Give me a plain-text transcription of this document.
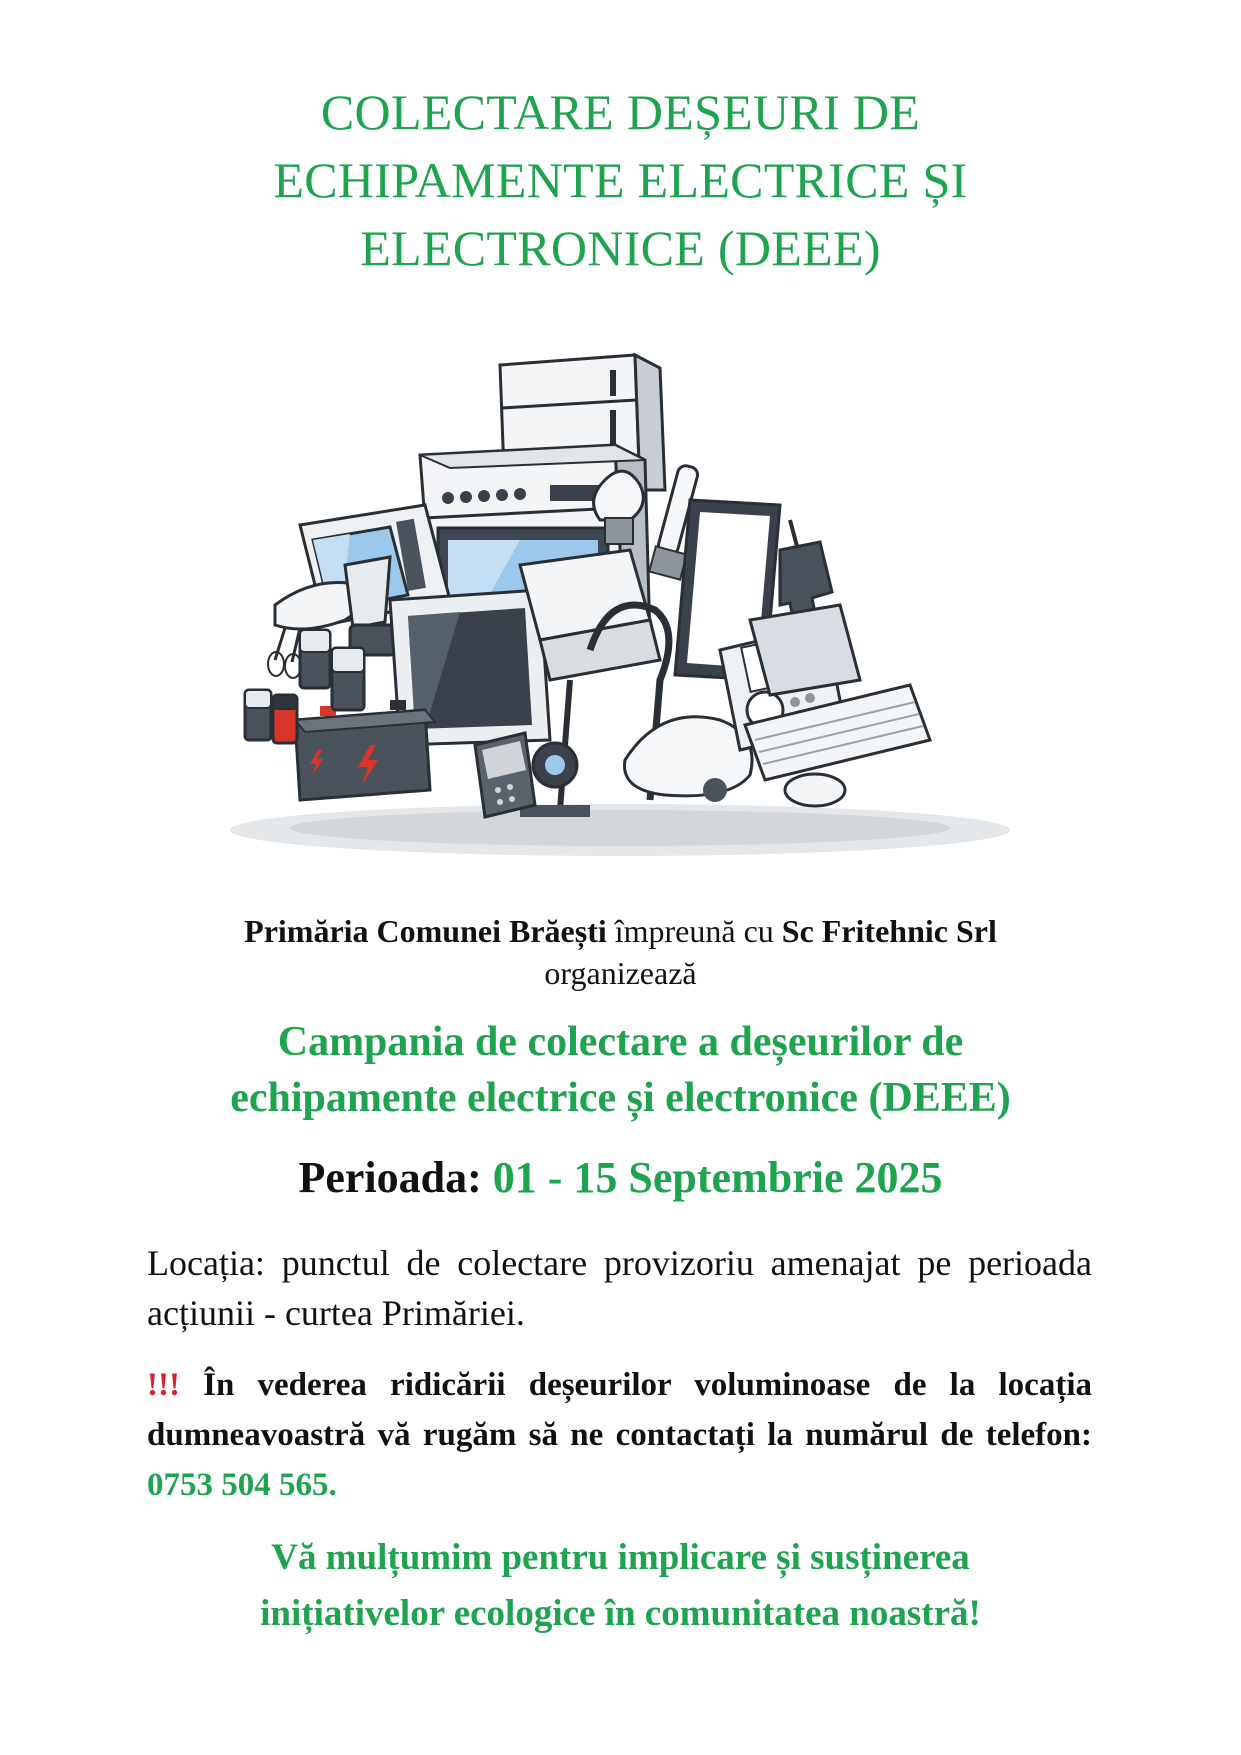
COLECTARE DEȘEURI DE
ECHIPAMENTE ELECTRICE ȘI
ELECTRONICE (DEEE)
Primăria Comunei Brăești împreună cu Sc Fritehnic Srl
organizează
Campania de colectare a deșeurilor de
echipamente electrice și electronice (DEEE)
Perioada: 01 - 15 Septembrie 2025
Locația: punctul de colectare provizoriu amenajat pe perioada acțiunii - curtea Primăriei.
!!! În vederea ridicării deșeurilor voluminoase de la locația dumneavoastră vă rugăm să ne contactați la numărul de telefon: 0753 504 565.
Vă mulțumim pentru implicare și susținerea
inițiativelor ecologice în comunitatea noastră!
